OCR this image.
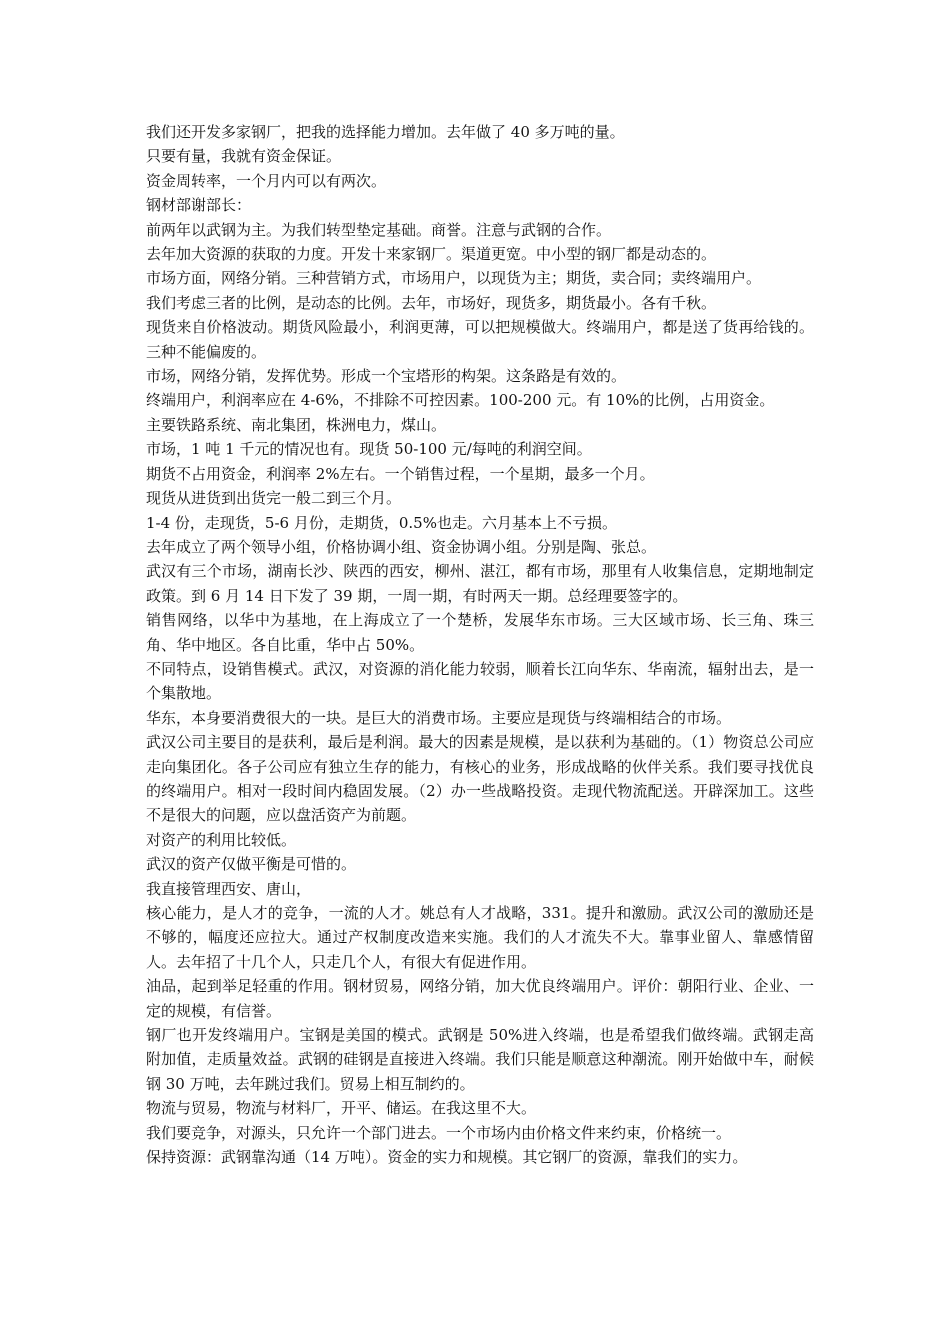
我们还开发多家钢厂，把我的选择能力增加。去年做了 40 多万吨的量。

只要有量，我就有资金保证。

资金周转率，一个月内可以有两次。

钢材部谢部长：

前两年以武钢为主。为我们转型垫定基础。商誉。注意与武钢的合作。

去年加大资源的获取的力度。开发十来家钢厂。渠道更宽。中小型的钢厂都是动态的。

市场方面，网络分销。三种营销方式，市场用户，以现货为主；期货，卖合同；卖终端用户。

我们考虑三者的比例，是动态的比例。去年，市场好，现货多，期货最小。各有千秋。

现货来自价格波动。期货风险最小，利润更薄，可以把规模做大。终端用户，都是送了货再给钱的。三种不能偏废的。

市场，网络分销，发挥优势。形成一个宝塔形的构架。这条路是有效的。

终端用户，利润率应在 4-6%，不排除不可控因素。100-200 元。有 10%的比例，占用资金。

主要铁路系统、南北集团，株洲电力，煤山。

市场，1 吨 1 千元的情况也有。现货 50-100 元/每吨的利润空间。

期货不占用资金，利润率 2%左右。一个销售过程，一个星期，最多一个月。

现货从进货到出货完一般二到三个月。

1-4 份，走现货，5-6 月份，走期货，0.5%也走。六月基本上不亏损。

去年成立了两个领导小组，价格协调小组、资金协调小组。分别是陶、张总。

武汉有三个市场，湖南长沙、陕西的西安，柳州、湛江，都有市场，那里有人收集信息，定期地制定政策。到 6 月 14 日下发了 39 期，一周一期，有时两天一期。总经理要签字的。

销售网络，以华中为基地，在上海成立了一个楚桥，发展华东市场。三大区域市场、长三角、珠三角、华中地区。各自比重，华中占 50%。

不同特点，设销售模式。武汉，对资源的消化能力较弱，顺着长江向华东、华南流，辐射出去，是一个集散地。

华东，本身要消费很大的一块。是巨大的消费市场。主要应是现货与终端相结合的市场。

武汉公司主要目的是获利，最后是利润。最大的因素是规模，是以获利为基础的。（1）物资总公司应走向集团化。各子公司应有独立生存的能力，有核心的业务，形成战略的伙伴关系。我们要寻找优良的终端用户。相对一段时间内稳固发展。（2）办一些战略投资。走现代物流配送。开辟深加工。这些不是很大的问题，应以盘活资产为前题。

对资产的利用比较低。

武汉的资产仅做平衡是可惜的。

我直接管理西安、唐山，

核心能力，是人才的竞争，一流的人才。姚总有人才战略，331。提升和激励。武汉公司的激励还是不够的，幅度还应拉大。通过产权制度改造来实施。我们的人才流失不大。靠事业留人、靠感情留人。去年招了十几个人，只走几个人，有很大有促进作用。

油品，起到举足轻重的作用。钢材贸易，网络分销，加大优良终端用户。评价：朝阳行业、企业、一定的规模，有信誉。

钢厂也开发终端用户。宝钢是美国的模式。武钢是 50%进入终端，也是希望我们做终端。武钢走高附加值，走质量效益。武钢的硅钢是直接进入终端。我们只能是顺意这种潮流。刚开始做中车，耐候钢 30 万吨，去年跳过我们。贸易上相互制约的。

物流与贸易，物流与材料厂，开平、储运。在我这里不大。

我们要竞争，对源头，只允许一个部门进去。一个市场内由价格文件来约束，价格统一。

保持资源：武钢靠沟通（14 万吨）。资金的实力和规模。其它钢厂的资源，靠我们的实力。
